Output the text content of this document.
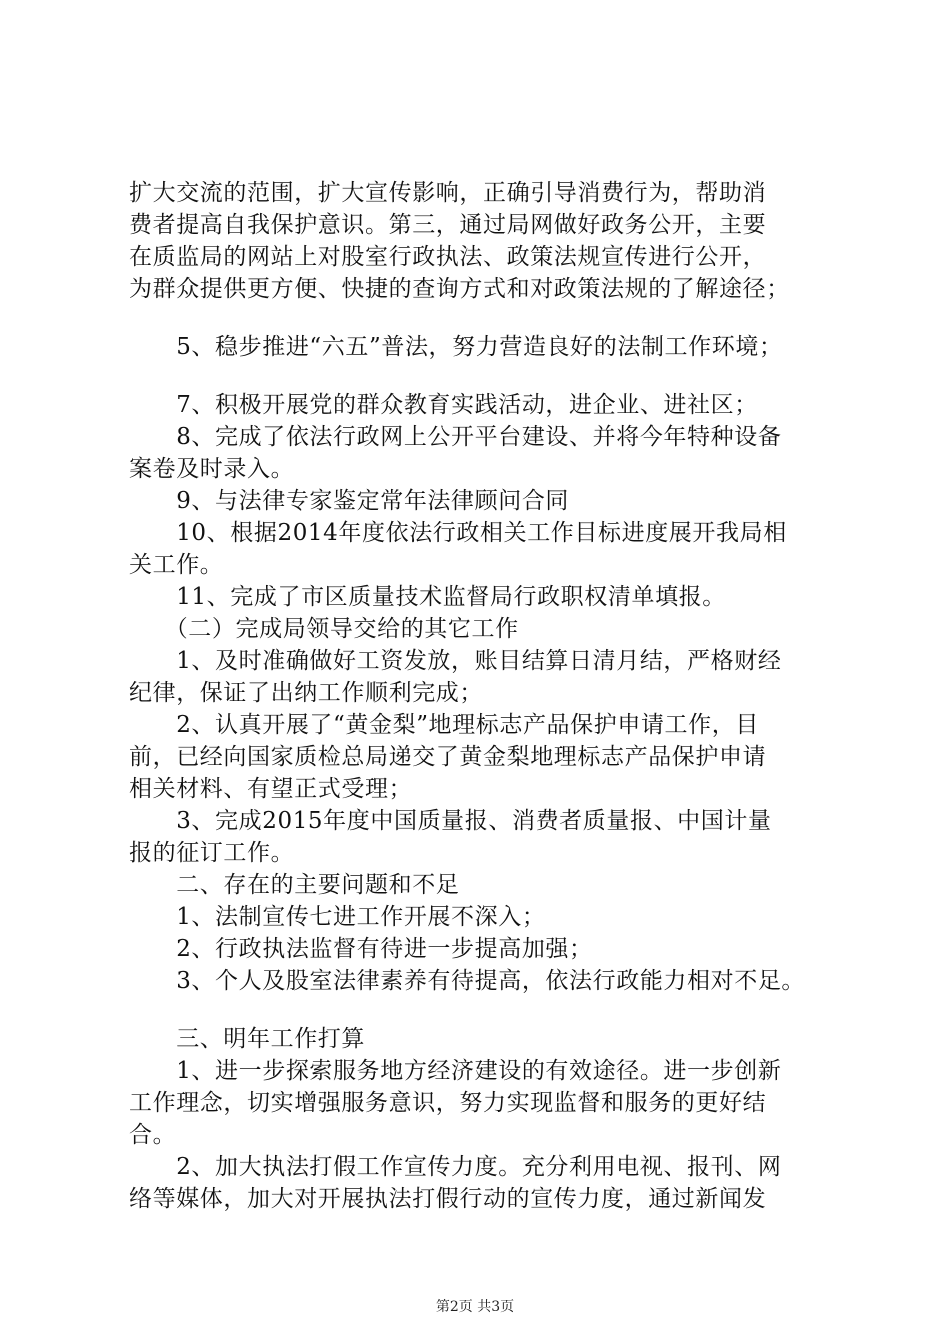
扩大交流的范围，扩大宣传影响，正确引导消费行为，帮助消
费者提高自我保护意识。第三，通过局网做好政务公开，主要
在质监局的网站上对股室行政执法、政策法规宣传进行公开，
为群众提供更方便、快捷的查询方式和对政策法规的了解途径；
　　5、稳步推进“六五”普法，努力营造良好的法制工作环境；
　　7、积极开展党的群众教育实践活动，进企业、进社区；
　　8、完成了依法行政网上公开平台建设、并将今年特种设备
案卷及时录入。
　　9、与法律专家鉴定常年法律顾问合同
　　10、根据2014年度依法行政相关工作目标进度展开我局相
关工作。
　　11、完成了市区质量技术监督局行政职权清单填报。
　　（二）完成局领导交给的其它工作
　　1、及时准确做好工资发放，账目结算日清月结，严格财经
纪律，保证了出纳工作顺利完成；
　　2、认真开展了“黄金梨”地理标志产品保护申请工作，目
前，已经向国家质检总局递交了黄金梨地理标志产品保护申请
相关材料、有望正式受理；
　　3、完成2015年度中国质量报、消费者质量报、中国计量
报的征订工作。
　　二、存在的主要问题和不足
　　1、法制宣传七进工作开展不深入；
　　2、行政执法监督有待进一步提高加强；
　　3、个人及股室法律素养有待提高，依法行政能力相对不足。
　　三、明年工作打算
　　1、进一步探索服务地方经济建设的有效途径。进一步创新
工作理念，切实增强服务意识，努力实现监督和服务的更好结
合。
　　2、加大执法打假工作宣传力度。充分利用电视、报刊、网
络等媒体，加大对开展执法打假行动的宣传力度，通过新闻发
第2页 共3页
